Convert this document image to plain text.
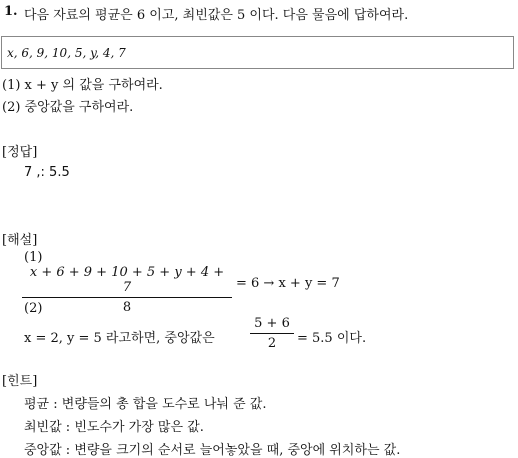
1. 다음 자료의 평균은 6 이고, 최빈값은 5 이다. 다음 물음에 답하여라.
x, 6, 9, 10, 5, y, 4, 7
(1) x + y 의 값을 구하여라.
(2) 중앙값을 구하여라.
[정답]
7 ,: 5.5
[해설]
(1)
$\frac{x + 6 + 9 + 10 + 5 + y + 4 + 7}{8} = 6 \to x + y = 7$
(2)
x = 2, y = 5 라고하면, 중앙값은	$\frac{5 + 6}{2} = 5.5$ 이다.
[힌트]
평균 : 변량들의 총 합을 도수로 나눠 준 값.
최빈값 : 빈도수가 가장 많은 값.
중앙값 : 변량을 크기의 순서로 늘어놓았을 때, 중앙에 위치하는 값.
